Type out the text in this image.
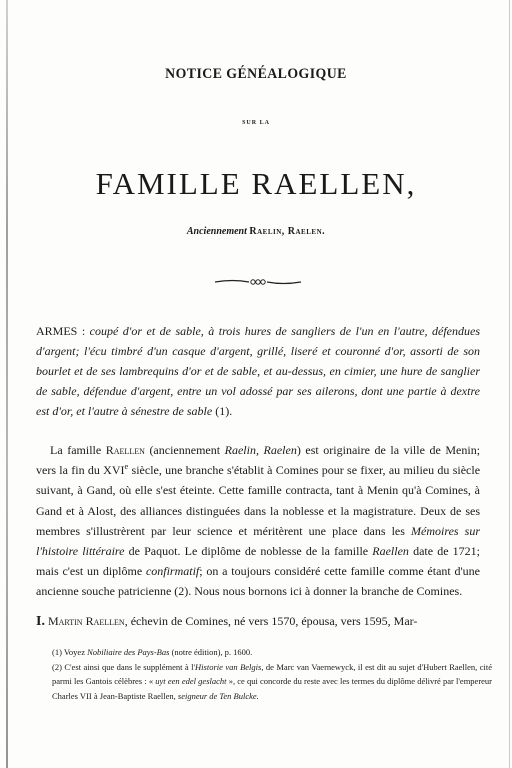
NOTICE GÉNÉALOGIQUE
SUR LA
FAMILLE RAELLEN,
Anciennement Raelin, Raelen.
ARMES : coupé d'or et de sable, à trois hures de sangliers de l'un en l'autre, défendues d'argent; l'écu timbré d'un casque d'argent, grillé, liseré et couronné d'or, assorti de son bourlet et de ses lambrequins d'or et de sable, et au-dessus, en cimier, une hure de sanglier de sable, défendue d'argent, entre un vol adossé par ses ailerons, dont une partie à dextre est d'or, et l'autre à sénestre de sable (1).
La famille Raellen (anciennement Raelin, Raelen) est originaire de la ville de Menin; vers la fin du XVIe siècle, une branche s'établit à Comines pour se fixer, au milieu du siècle suivant, à Gand, où elle s'est éteinte. Cette famille contracta, tant à Menin qu'à Comines, à Gand et à Alost, des alliances distinguées dans la noblesse et la magistrature. Deux de ses membres s'illustrèrent par leur science et méritèrent une place dans les Mémoires sur l'histoire littéraire de Paquot. Le diplôme de noblesse de la famille Raellen date de 1721; mais c'est un diplôme confirmatif; on a toujours considéré cette famille comme étant d'une ancienne souche patricienne (2). Nous nous bornons ici à donner la branche de Comines.
I. Martin Raellen, échevin de Comines, né vers 1570, épousa, vers 1595, Mar-

(1) Voyez Nobiliaire des Pays-Bas (notre édition), p. 1600.

(2) C'est ainsi que dans le supplément à l'Historie van Belgis, de Marc van Vaernewyck, il est dit au sujet d'Hubert Raellen, cité parmi les Gantois célèbres : « uyt een edel geslacht », ce qui concorde du reste avec les termes du diplôme délivré par l'empereur Charles VII à Jean-Baptiste Raellen, seigneur de Ten Bulcke.
